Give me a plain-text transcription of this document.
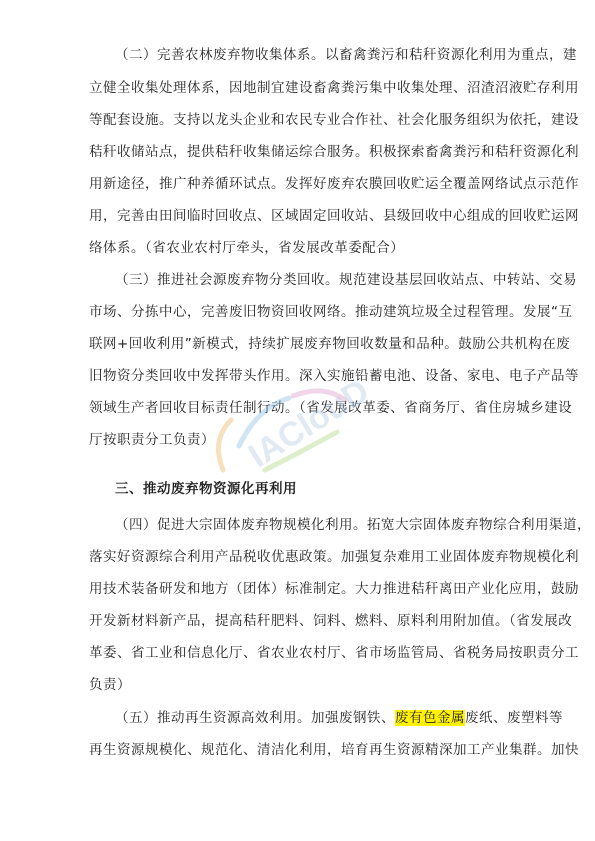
（二）完善农林废弃物收集体系。以畜禽粪污和秸秆资源化利用为重点，建
立健全收集处理体系，因地制宜建设畜禽粪污集中收集处理、沼渣沼液贮存利用
等配套设施。支持以龙头企业和农民专业合作社、社会化服务组织为依托，建设
秸秆收储站点，提供秸秆收集储运综合服务。积极探索畜禽粪污和秸秆资源化利
用新途径，推广种养循环试点。发挥好废弃农膜回收贮运全覆盖网络试点示范作
用，完善由田间临时回收点、区域固定回收站、县级回收中心组成的回收贮运网
络体系。（省农业农村厅牵头，省发展改革委配合）
（三）推进社会源废弃物分类回收。规范建设基层回收站点、中转站、交易
市场、分拣中心，完善废旧物资回收网络。推动建筑垃圾全过程管理。发展“互
联网+回收利用”新模式，持续扩展废弃物回收数量和品种。鼓励公共机构在废
旧物资分类回收中发挥带头作用。深入实施铅蓄电池、设备、家电、电子产品等
领域生产者回收目标责任制行动。（省发展改革委、省商务厅、省住房城乡建设
厅按职责分工负责）
三、推动废弃物资源化再利用
（四）促进大宗固体废弃物规模化利用。拓宽大宗固体废弃物综合利用渠道，
落实好资源综合利用产品税收优惠政策。加强复杂难用工业固体废弃物规模化利
用技术装备研发和地方（团体）标准制定。大力推进秸秆离田产业化应用，鼓励
开发新材料新产品，提高秸秆肥料、饲料、燃料、原料利用附加值。（省发展改
革委、省工业和信息化厅、省农业农村厅、省市场监管局、省税务局按职责分工
负责）
（五）推动再生资源高效利用。加强废钢铁、废有色金属废纸、废塑料等
再生资源规模化、规范化、清洁化利用，培育再生资源精深加工产业集群。加快
IAClouD
